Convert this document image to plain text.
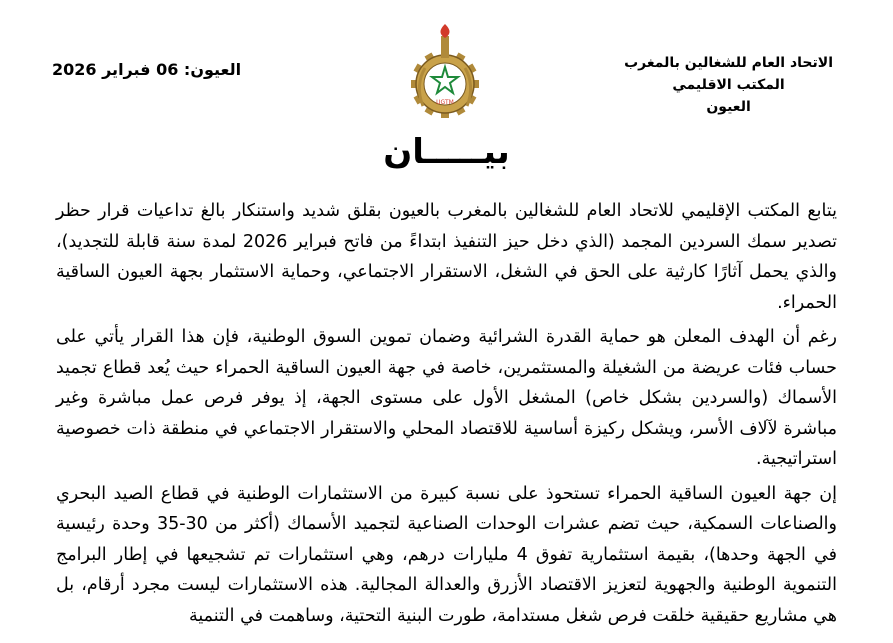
الاتحاد العام للشغالين بالمغرب
المكتب الاقليمي
العيون
العيون: 06 فبراير 2026
UGTM
بيـــــان

يتابع المكتب الإقليمي للاتحاد العام للشغالين بالمغرب بالعيون بقلق شديد واستنكار بالغ تداعيات قرار حظر تصدير سمك السردين المجمد (الذي دخل حيز التنفيذ ابتداءً من فاتح فبراير 2026 لمدة سنة قابلة للتجديد)، والذي يحمل آثارًا كارثية على الحق في الشغل، الاستقرار الاجتماعي، وحماية الاستثمار بجهة العيون الساقية الحمراء.

رغم أن الهدف المعلن هو حماية القدرة الشرائية وضمان تموين السوق الوطنية، فإن هذا القرار يأتي على حساب فئات عريضة من الشغيلة والمستثمرين، خاصة في جهة العيون الساقية الحمراء حيث يُعد قطاع تجميد الأسماك (والسردين بشكل خاص) المشغل الأول على مستوى الجهة، إذ يوفر فرص عمل مباشرة وغير مباشرة لآلاف الأسر، ويشكل ركيزة أساسية للاقتصاد المحلي والاستقرار الاجتماعي في منطقة ذات خصوصية استراتيجية.

إن جهة العيون الساقية الحمراء تستحوذ على نسبة كبيرة من الاستثمارات الوطنية في قطاع الصيد البحري والصناعات السمكية، حيث تضم عشرات الوحدات الصناعية لتجميد الأسماك (أكثر من 30-35 وحدة رئيسية في الجهة وحدها)، بقيمة استثمارية تفوق 4 مليارات درهم، وهي استثمارات تم تشجيعها في إطار البرامج التنموية الوطنية والجهوية لتعزيز الاقتصاد الأزرق والعدالة المجالية. هذه الاستثمارات ليست مجرد أرقام، بل هي مشاريع حقيقية خلقت فرص شغل مستدامة، طورت البنية التحتية، وساهمت في التنمية
